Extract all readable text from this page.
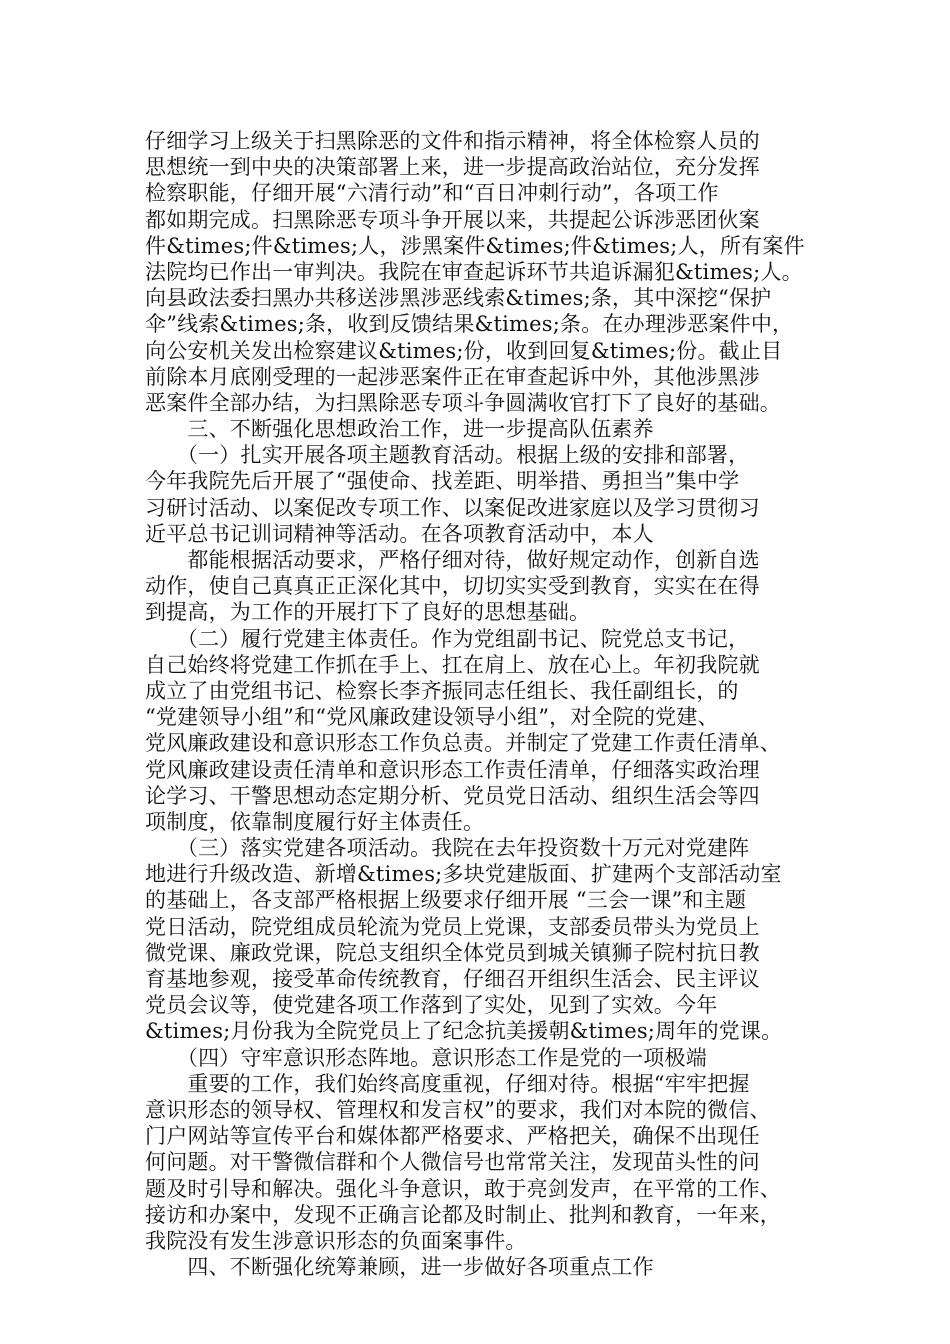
仔细学习上级关于扫黑除恶的文件和指示精神，将全体检察人员的
思想统一到中央的决策部署上来，进一步提高政治站位，充分发挥
检察职能，仔细开展“六清行动”和“百日冲刺行动”，各项工作
都如期完成。扫黑除恶专项斗争开展以来，共提起公诉涉恶团伙案
件&times;件&times;人，涉黑案件&times;件&times;人，所有案件
法院均已作出一审判决。我院在审查起诉环节共追诉漏犯&times;人。
向县政法委扫黑办共移送涉黑涉恶线索&times;条，其中深挖“保护
伞”线索&times;条，收到反馈结果&times;条。在办理涉恶案件中，
向公安机关发出检察建议&times;份，收到回复&times;份。截止目
前除本月底刚受理的一起涉恶案件正在审查起诉中外，其他涉黑涉
恶案件全部办结，为扫黑除恶专项斗争圆满收官打下了良好的基础。
　　三、不断强化思想政治工作，进一步提高队伍素养
　　（一）扎实开展各项主题教育活动。根据上级的安排和部署，
今年我院先后开展了“强使命、找差距、明举措、勇担当”集中学
习研讨活动、以案促改专项工作、以案促改进家庭以及学习贯彻习
近平总书记训词精神等活动。在各项教育活动中，本人
　　都能根据活动要求，严格仔细对待，做好规定动作，创新自选
动作，使自己真真正正深化其中，切切实实受到教育，实实在在得
到提高，为工作的开展打下了良好的思想基础。
　　（二）履行党建主体责任。作为党组副书记、院党总支书记，
自己始终将党建工作抓在手上、扛在肩上、放在心上。年初我院就
成立了由党组书记、检察长李齐振同志任组长、我任副组长，的
“党建领导小组”和“党风廉政建设领导小组”，对全院的党建、
党风廉政建设和意识形态工作负总责。并制定了党建工作责任清单、
党风廉政建设责任清单和意识形态工作责任清单，仔细落实政治理
论学习、干警思想动态定期分析、党员党日活动、组织生活会等四
项制度，依靠制度履行好主体责任。
　　（三）落实党建各项活动。我院在去年投资数十万元对党建阵
地进行升级改造、新增&times;多块党建版面、扩建两个支部活动室
的基础上，各支部严格根据上级要求仔细开展 “三会一课”和主题
党日活动，院党组成员轮流为党员上党课，支部委员带头为党员上
微党课、廉政党课，院总支组织全体党员到城关镇狮子院村抗日教
育基地参观，接受革命传统教育，仔细召开组织生活会、民主评议
党员会议等，使党建各项工作落到了实处，见到了实效。今年
&times;月份我为全院党员上了纪念抗美援朝&times;周年的党课。
　　（四）守牢意识形态阵地。意识形态工作是党的一项极端
　　重要的工作，我们始终高度重视，仔细对待。根据“牢牢把握
意识形态的领导权、管理权和发言权”的要求，我们对本院的微信、
门户网站等宣传平台和媒体都严格要求、严格把关，确保不出现任
何问题。对干警微信群和个人微信号也常常关注，发现苗头性的问
题及时引导和解决。强化斗争意识，敢于亮剑发声，在平常的工作、
接访和办案中，发现不正确言论都及时制止、批判和教育，一年来，
我院没有发生涉意识形态的负面案事件。
　　四、不断强化统筹兼顾，进一步做好各项重点工作
